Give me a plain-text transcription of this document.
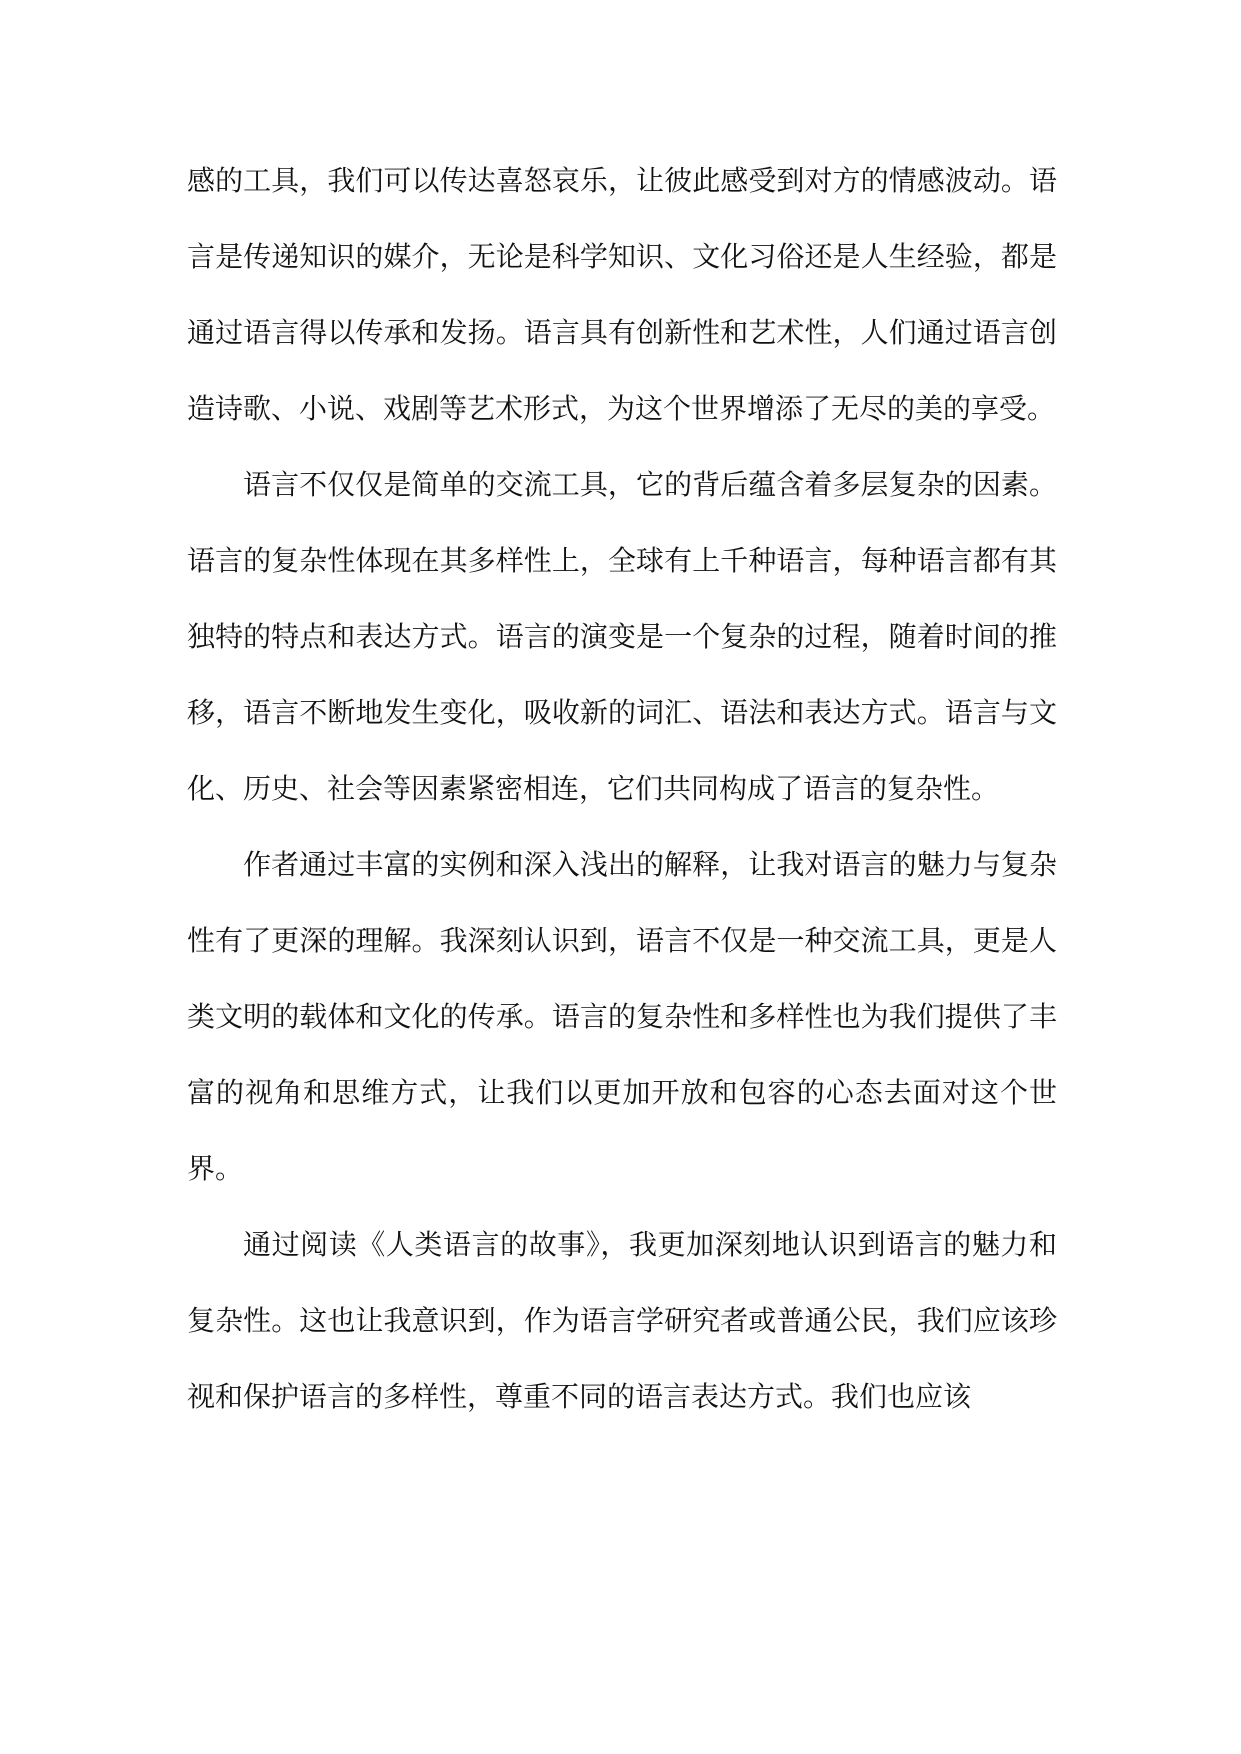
感的工具，我们可以传达喜怒哀乐，让彼此感受到对方的情感波动。语言是传递知识的媒介，无论是科学知识、文化习俗还是人生经验，都是通过语言得以传承和发扬。语言具有创新性和艺术性，人们通过语言创造诗歌、小说、戏剧等艺术形式，为这个世界增添了无尽的美的享受。

语言不仅仅是简单的交流工具，它的背后蕴含着多层复杂的因素。语言的复杂性体现在其多样性上，全球有上千种语言，每种语言都有其独特的特点和表达方式。语言的演变是一个复杂的过程，随着时间的推移，语言不断地发生变化，吸收新的词汇、语法和表达方式。语言与文化、历史、社会等因素紧密相连，它们共同构成了语言的复杂性。

作者通过丰富的实例和深入浅出的解释，让我对语言的魅力与复杂性有了更深的理解。我深刻认识到，语言不仅是一种交流工具，更是人类文明的载体和文化的传承。语言的复杂性和多样性也为我们提供了丰富的视角和思维方式，让我们以更加开放和包容的心态去面对这个世界。

通过阅读《人类语言的故事》，我更加深刻地认识到语言的魅力和复杂性。这也让我意识到，作为语言学研究者或普通公民，我们应该珍视和保护语言的多样性，尊重不同的语言表达方式。我们也应该
